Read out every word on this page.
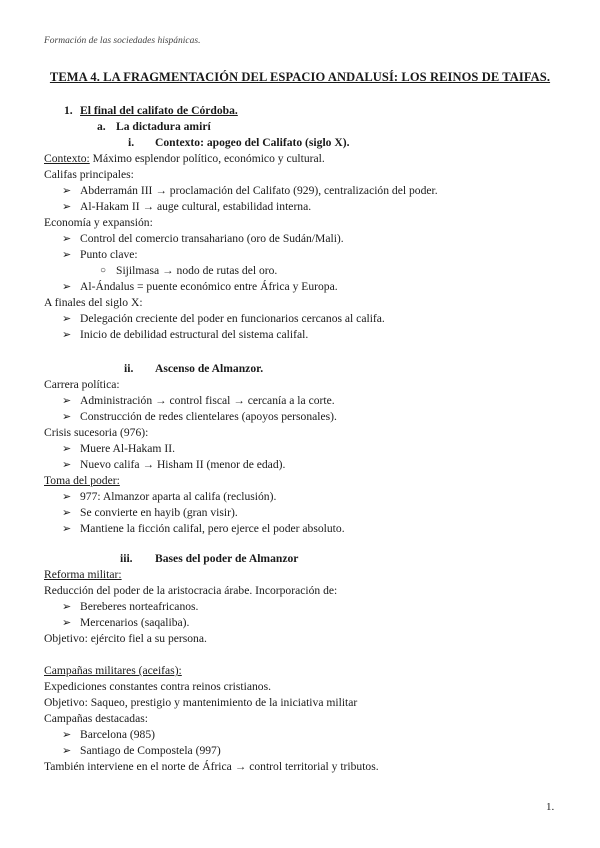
Formación de las sociedades hispánicas.
TEMA 4. LA FRAGMENTACIÓN DEL ESPACIO ANDALUSÍ: LOS REINOS DE TAIFAS.
1. El final del califato de Córdoba.
a. La dictadura amirí
i. Contexto: apogeo del Califato (siglo X).
Contexto: Máximo esplendor político, económico y cultural.
Califas principales:
➢ Abderramán III → proclamación del Califato (929), centralización del poder.
➢ Al-Hakam II → auge cultural, estabilidad interna.
Economía y expansión:
➢ Control del comercio transahariano (oro de Sudán/Mali).
➢ Punto clave:
○ Sijilmasa → nodo de rutas del oro.
➢ Al-Ándalus = puente económico entre África y Europa.
A finales del siglo X:
➢ Delegación creciente del poder en funcionarios cercanos al califa.
➢ Inicio de debilidad estructural del sistema califal.
ii. Ascenso de Almanzor.
Carrera política:
➢ Administración → control fiscal → cercanía a la corte.
➢ Construcción de redes clientelares (apoyos personales).
Crisis sucesoria (976):
➢ Muere Al-Hakam II.
➢ Nuevo califa → Hisham II (menor de edad).
Toma del poder:
➢ 977: Almanzor aparta al califa (reclusión).
➢ Se convierte en hayib (gran visir).
➢ Mantiene la ficción califal, pero ejerce el poder absoluto.
iii. Bases del poder de Almanzor
Reforma militar:
Reducción del poder de la aristocracia árabe. Incorporación de:
➢ Bereberes norteafricanos.
➢ Mercenarios (saqaliba).
Objetivo: ejército fiel a su persona.
Campañas militares (aceifas):
Expediciones constantes contra reinos cristianos.
Objetivo: Saqueo, prestigio y mantenimiento de la iniciativa militar
Campañas destacadas:
➢ Barcelona (985)
➢ Santiago de Compostela (997)
También interviene en el norte de África → control territorial y tributos.
1.
